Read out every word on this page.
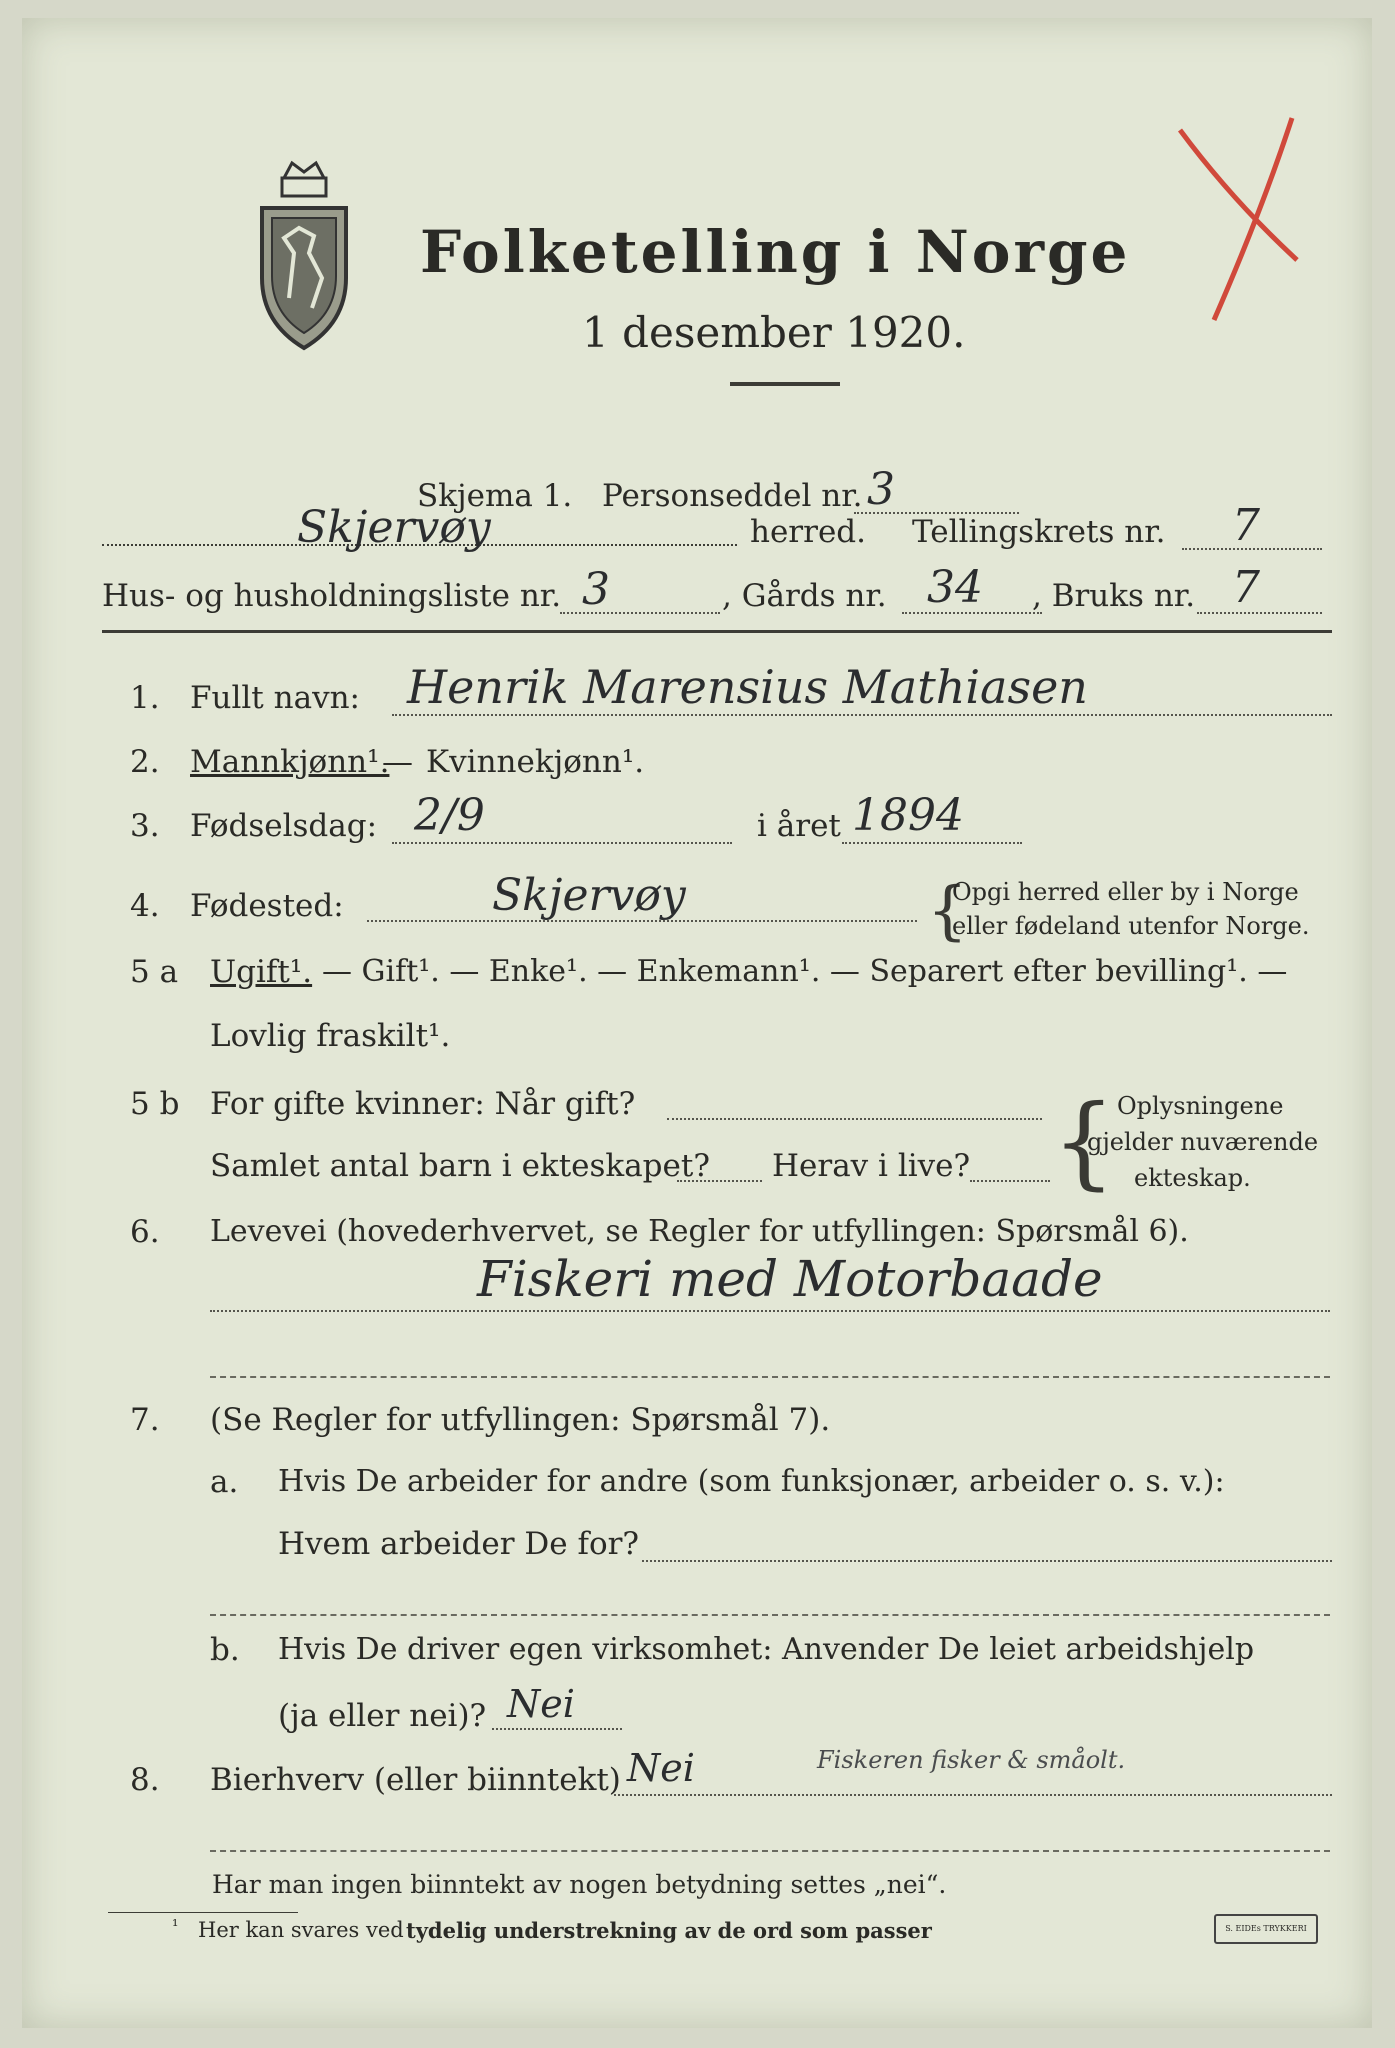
Folketelling i Norge
1 desember 1920.
Skjema 1. Personseddel nr. 3
Skjervøy	herred. Tellingskrets nr. 7
Hus- og husholdningsliste nr. 3	, Gårds nr. 34 , Bruks nr. 7
1. Fullt navn: Henrik Marensius Mathiasen
2. Mannkjønn¹.
— Kvinnekjønn¹.
3. Fødselsdag: 2/9	i året 1894
4. Fødested:	Skjervøy	{
Opgi herred eller by i Norge
eller fødeland utenfor Norge.
5 a Ugift¹. — Gift¹. — Enke¹. — Enkemann¹. — Separert efter bevilling¹. —
Lovlig fraskilt¹.
5 b For gifte kvinner: Når gift?
Samlet antal barn i ekteskapet? Herav i live? { Oplysningene
gjelder nuværende
ekteskap.
6. Levevei (hovederhvervet, se Regler for utfyllingen: Spørsmål 6).
Fiskeri med Motorbaade
7. (Se Regler for utfyllingen: Spørsmål 7).
a. Hvis De arbeider for andre (som funksjonær, arbeider o. s. v.):
Hvem arbeider De for?
b. Hvis De driver egen virksomhet: Anvender De leiet arbeidshjelp
(ja eller nei)? Nei
8. Bierhverv (eller biinntekt) Nei	Fiskeren fisker & småolt.
Har man ingen biinntekt av nogen betydning settes „nei“.
¹ Her kan svares ved tydelig understrekning av de ord som passer	S. EIDEs TRYKKERI
